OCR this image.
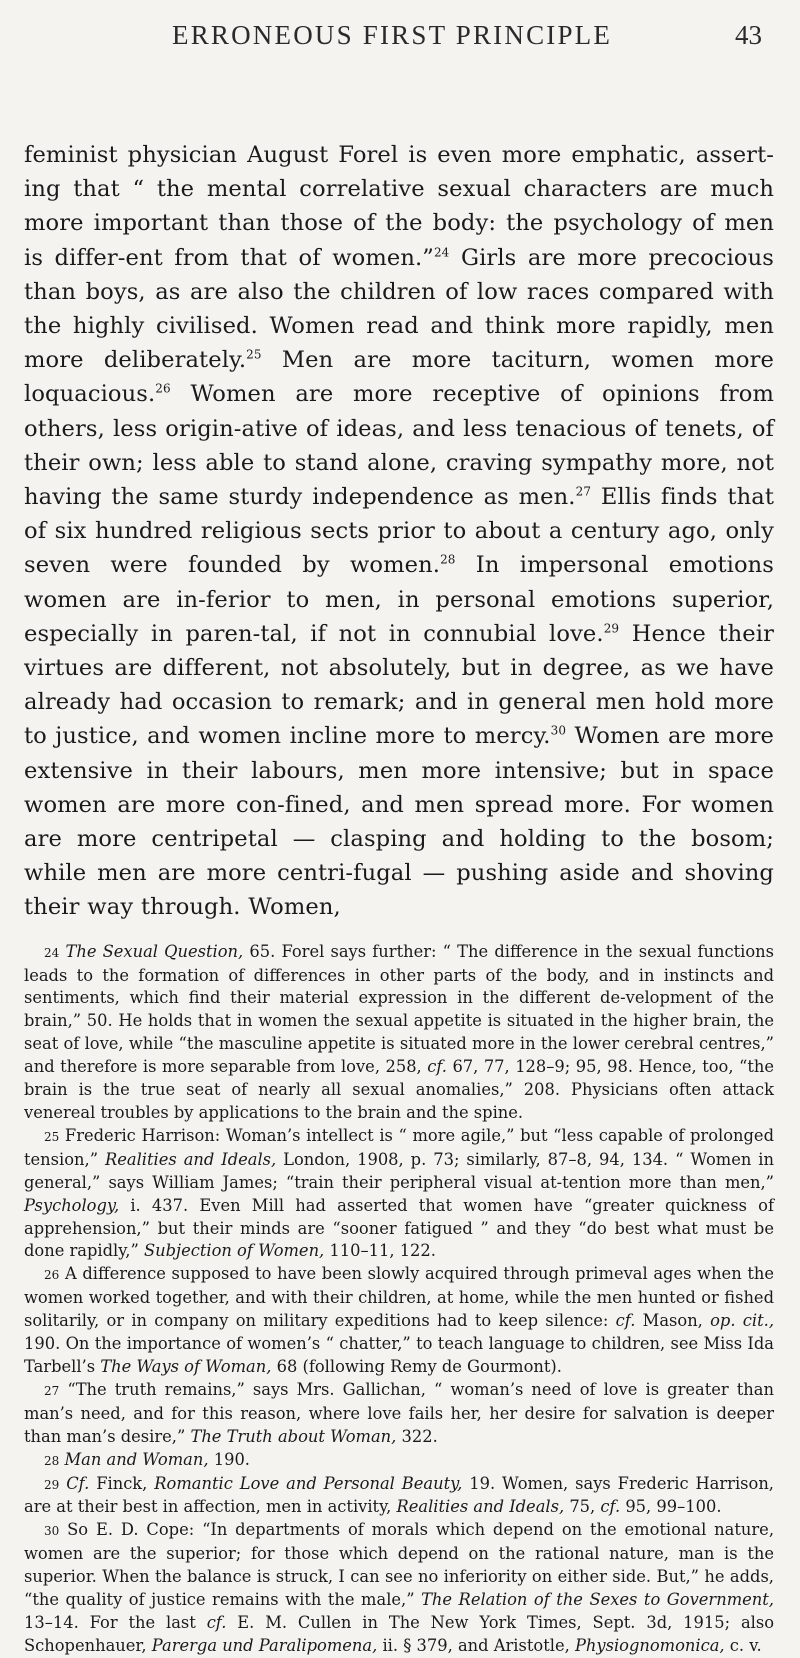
ERRONEOUS FIRST PRINCIPLE	43

feminist physician August Forel is even more emphatic, assert-ing that “ the mental correlative sexual characters are much more important than those of the body: the psychology of men is differ-ent from that of women.”$^{24}$ Girls are more precocious than boys, as are also the children of low races compared with the highly civilised. Women read and think more rapidly, men more deliberately.$^{25}$ Men are more taciturn, women more loquacious.$^{26}$ Women are more receptive of opinions from others, less origin-ative of ideas, and less tenacious of tenets, of their own; less able to stand alone, craving sympathy more, not having the same sturdy independence as men.$^{27}$ Ellis finds that of six hundred religious sects prior to about a century ago, only seven were founded by women.$^{28}$ In impersonal emotions women are in-ferior to men, in personal emotions superior, especially in paren-tal, if not in connubial love.$^{29}$ Hence their virtues are different, not absolutely, but in degree, as we have already had occasion to remark; and in general men hold more to justice, and women incline more to mercy.$^{30}$ Women are more extensive in their labours, men more intensive; but in space women are more con-fined, and men spread more. For women are more centripetal — clasping and holding to the bosom; while men are more centri-fugal — pushing aside and shoving their way through. Women,

24 The Sexual Question, 65. Forel says further: “ The difference in the sexual functions leads to the formation of differences in other parts of the body, and in instincts and sentiments, which find their material expression in the different de-velopment of the brain,” 50. He holds that in women the sexual appetite is situated in the higher brain, the seat of love, while “the masculine appetite is situated more in the lower cerebral centres,” and therefore is more separable from love, 258, cf. 67, 77, 128–9; 95, 98. Hence, too, “the brain is the true seat of nearly all sexual anomalies,” 208. Physicians often attack venereal troubles by applications to the brain and the spine.

25 Frederic Harrison: Woman’s intellect is “ more agile,” but “less capable of prolonged tension,” Realities and Ideals, London, 1908, p. 73; similarly, 87–8, 94, 134. “ Women in general,” says William James; “train their peripheral visual at-tention more than men,” Psychology, i. 437. Even Mill had asserted that women have “greater quickness of apprehension,” but their minds are “sooner fatigued ” and they “do best what must be done rapidly,” Subjection of Women, 110–11, 122.

26 A difference supposed to have been slowly acquired through primeval ages when the women worked together, and with their children, at home, while the men hunted or fished solitarily, or in company on military expeditions had to keep silence: cf. Mason, op. cit., 190. On the importance of women’s “ chatter,” to teach language to children, see Miss Ida Tarbell’s The Ways of Woman, 68 (following Remy de Gourmont).

27 “The truth remains,” says Mrs. Gallichan, “ woman’s need of love is greater than man’s need, and for this reason, where love fails her, her desire for salvation is deeper than man’s desire,” The Truth about Woman, 322.

28 Man and Woman, 190.

29 Cf. Finck, Romantic Love and Personal Beauty, 19. Women, says Frederic Harrison, are at their best in affection, men in activity, Realities and Ideals, 75, cf. 95, 99–100.

30 So E. D. Cope: “In departments of morals which depend on the emotional nature, women are the superior; for those which depend on the rational nature, man is the superior. When the balance is struck, I can see no inferiority on either side. But,” he adds, “the quality of justice remains with the male,” The Relation of the Sexes to Government, 13–14. For the last cf. E. M. Cullen in The New York Times, Sept. 3d, 1915; also Schopenhauer, Parerga und Paralipomena, ii. § 379, and Aristotle, Physiognomonica, c. v.
